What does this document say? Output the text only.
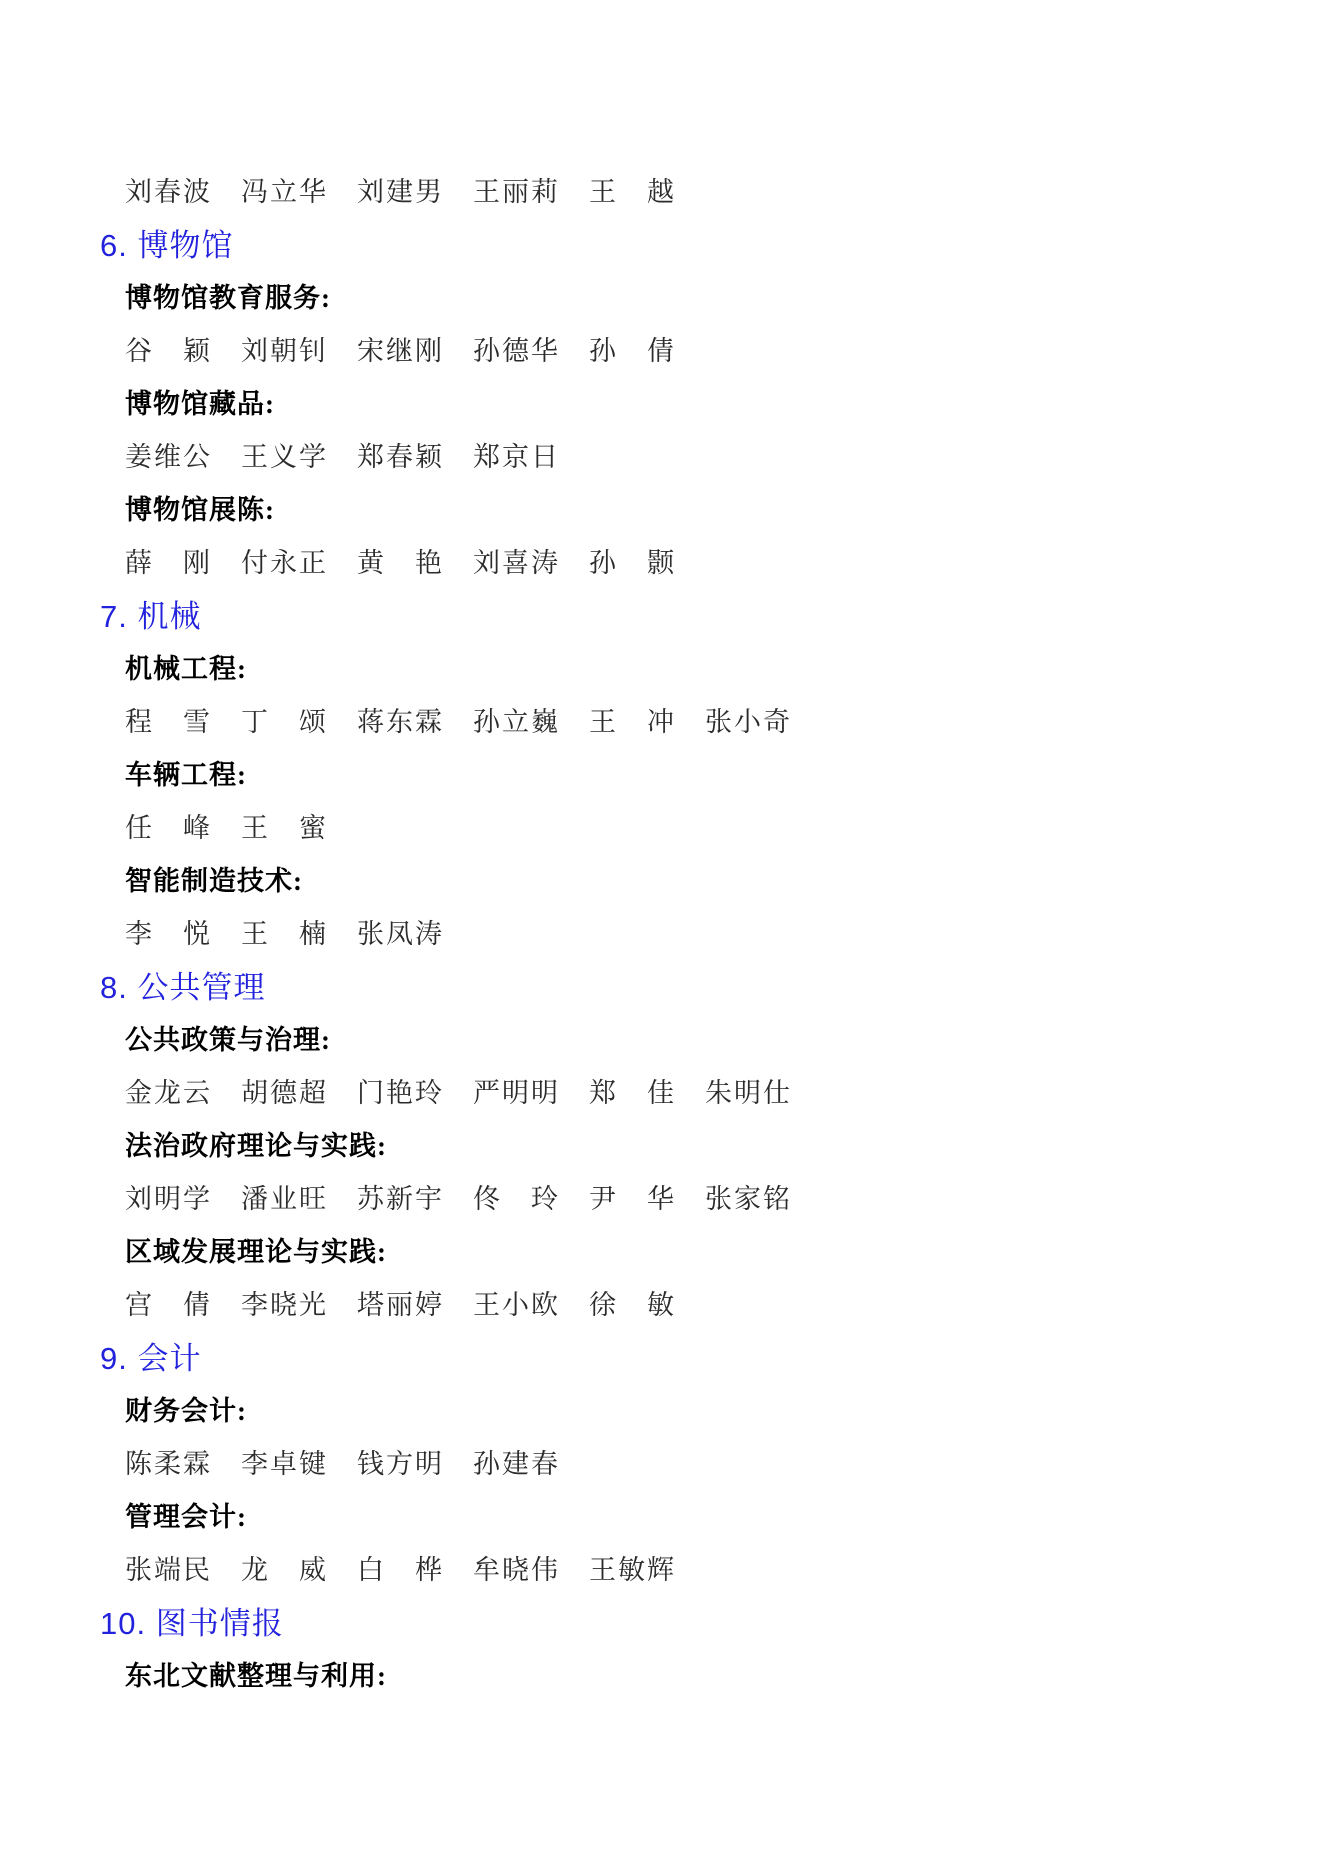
刘春波　冯立华　刘建男　王丽莉　王　越
6. 博物馆
博物馆教育服务:
谷　颖　刘朝钊　宋继刚　孙德华　孙　倩
博物馆藏品:
姜维公　王义学　郑春颖　郑京日
博物馆展陈:
薛　刚　付永正　黄　艳　刘喜涛　孙　颢
7. 机械
机械工程:
程　雪　丁　颂　蒋东霖　孙立巍　王　冲　张小奇
车辆工程:
任　峰　王　蜜
智能制造技术:
李　悦　王　楠　张凤涛
8. 公共管理
公共政策与治理:
金龙云　胡德超　门艳玲　严明明　郑　佳　朱明仕
法治政府理论与实践:
刘明学　潘业旺　苏新宇　佟　玲　尹　华　张家铭
区域发展理论与实践:
宫　倩　李晓光　塔丽婷　王小欧　徐　敏
9. 会计
财务会计:
陈柔霖　李卓键　钱方明　孙建春
管理会计:
张端民　龙　威　白　桦　牟晓伟　王敏辉
10. 图书情报
东北文献整理与利用:
